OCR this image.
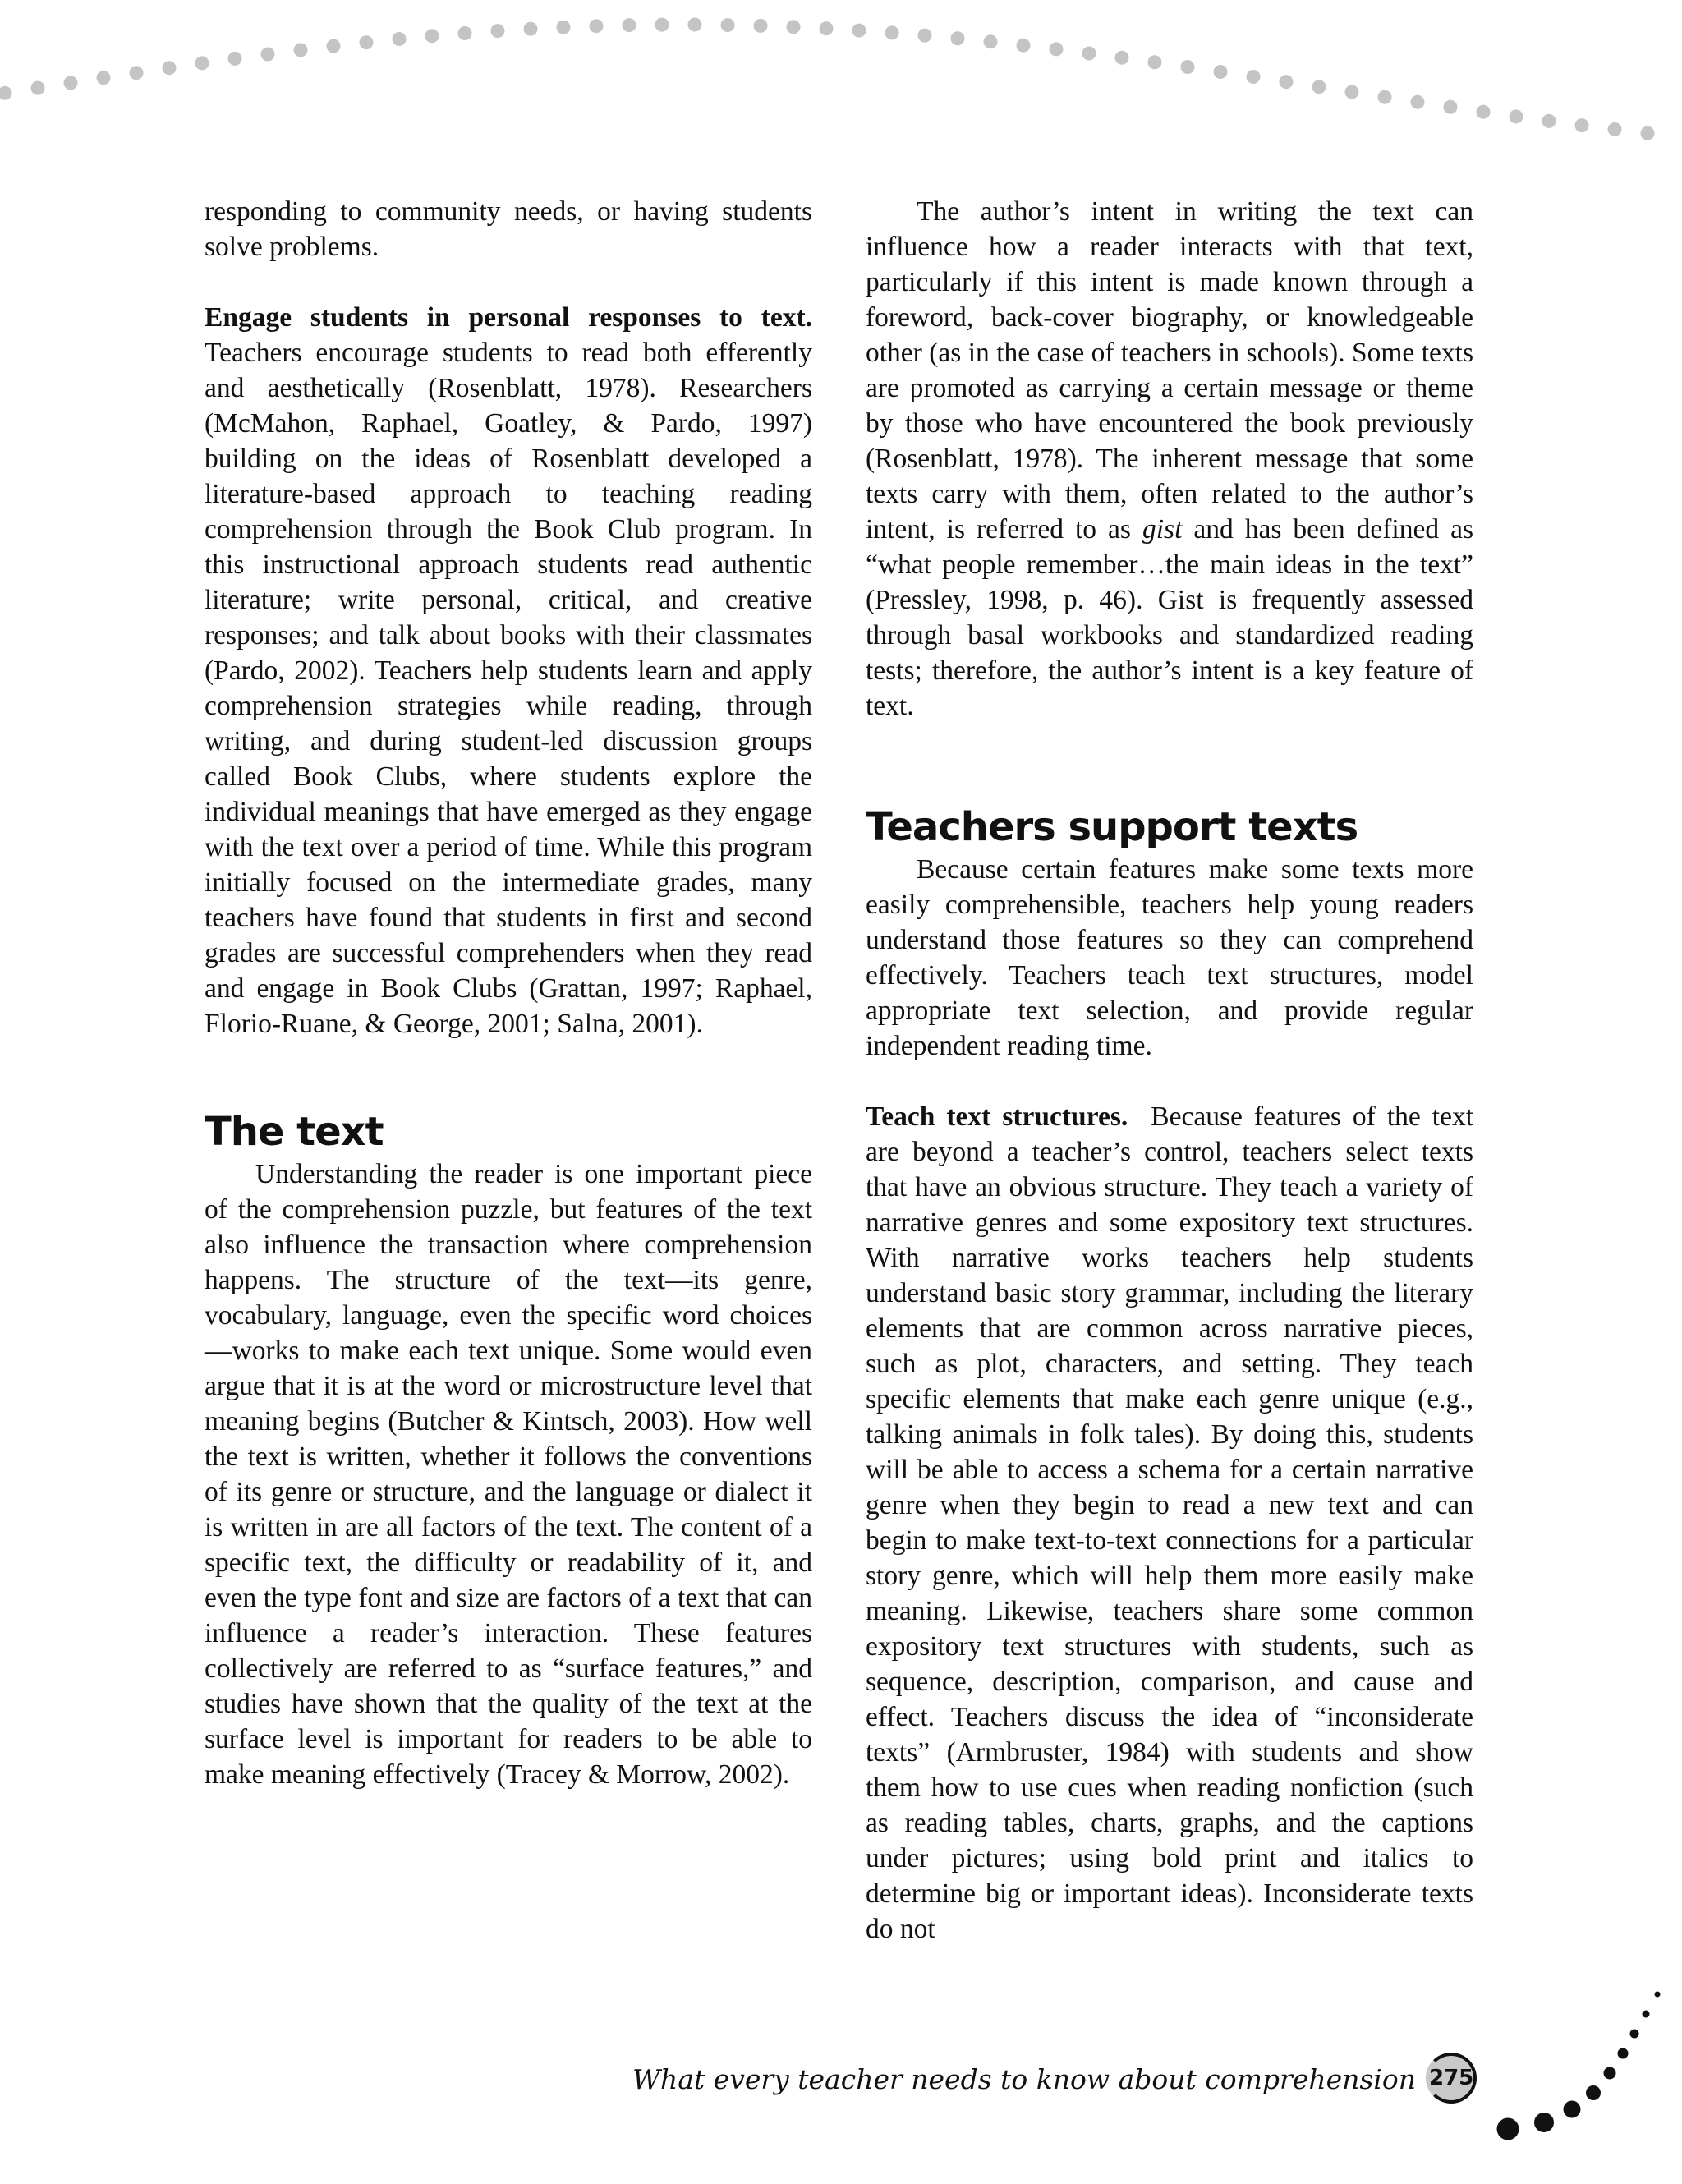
responding to community needs, or having students solve problems.

Engage students in personal responses to text. Teachers encourage students to read both efferently and aesthetically (Rosenblatt, 1978). Researchers (McMahon, Raphael, Goatley, & Pardo, 1997) building on the ideas of Rosenblatt developed a literature-based approach to teaching reading comprehension through the Book Club program. In this instructional approach students read authentic literature; write personal, critical, and creative responses; and talk about books with their classmates (Pardo, 2002). Teachers help students learn and apply comprehension strategies while reading, through writing, and during student-led discussion groups called Book Clubs, where students explore the individual meanings that have emerged as they engage with the text over a period of time. While this program initially focused on the intermediate grades, many teachers have found that students in first and second grades are successful comprehenders when they read and engage in Book Clubs (Grattan, 1997; Raphael, Florio-Ruane, & George, 2001; Salna, 2001).

The text

Understanding the reader is one important piece of the comprehension puzzle, but features of the text also influence the transaction where comprehension happens. The structure of the text—its genre, vocabulary, language, even the specific word choices—works to make each text unique. Some would even argue that it is at the word or microstructure level that meaning begins (Butcher & Kintsch, 2003). How well the text is written, whether it follows the conventions of its genre or structure, and the language or dialect it is written in are all factors of the text. The content of a specific text, the difficulty or readability of it, and even the type font and size are factors of a text that can influence a reader’s interaction. These features collectively are referred to as “surface features,” and studies have shown that the quality of the text at the surface level is important for readers to be able to make meaning effectively (Tracey & Morrow, 2002).

The author’s intent in writing the text can influence how a reader interacts with that text, particularly if this intent is made known through a foreword, back-cover biography, or knowledgeable other (as in the case of teachers in schools). Some texts are promoted as carrying a certain message or theme by those who have encountered the book previously (Rosenblatt, 1978). The inherent message that some texts carry with them, often related to the author’s intent, is referred to as gist and has been defined as “what people remember…the main ideas in the text” (Pressley, 1998, p. 46). Gist is frequently assessed through basal workbooks and standardized reading tests; therefore, the author’s intent is a key feature of text.

Teachers support texts

Because certain features make some texts more easily comprehensible, teachers help young readers understand those features so they can comprehend effectively. Teachers teach text structures, model appropriate text selection, and provide regular independent reading time.

Teach text structures. Because features of the text are beyond a teacher’s control, teachers select texts that have an obvious structure. They teach a variety of narrative genres and some expository text structures. With narrative works teachers help students understand basic story grammar, including the literary elements that are common across narrative pieces, such as plot, characters, and setting. They teach specific elements that make each genre unique (e.g., talking animals in folk tales). By doing this, students will be able to access a schema for a certain narrative genre when they begin to read a new text and can begin to make text-to-text connections for a particular story genre, which will help them more easily make meaning. Likewise, teachers share some common expository text structures with students, such as sequence, description, comparison, and cause and effect. Teachers discuss the idea of “inconsiderate texts” (Armbruster, 1984) with students and show them how to use cues when reading nonfiction (such as reading tables, charts, graphs, and the captions under pictures; using bold print and italics to determine big or important ideas). Inconsiderate texts do not

What every teacher needs to know about comprehension 275
